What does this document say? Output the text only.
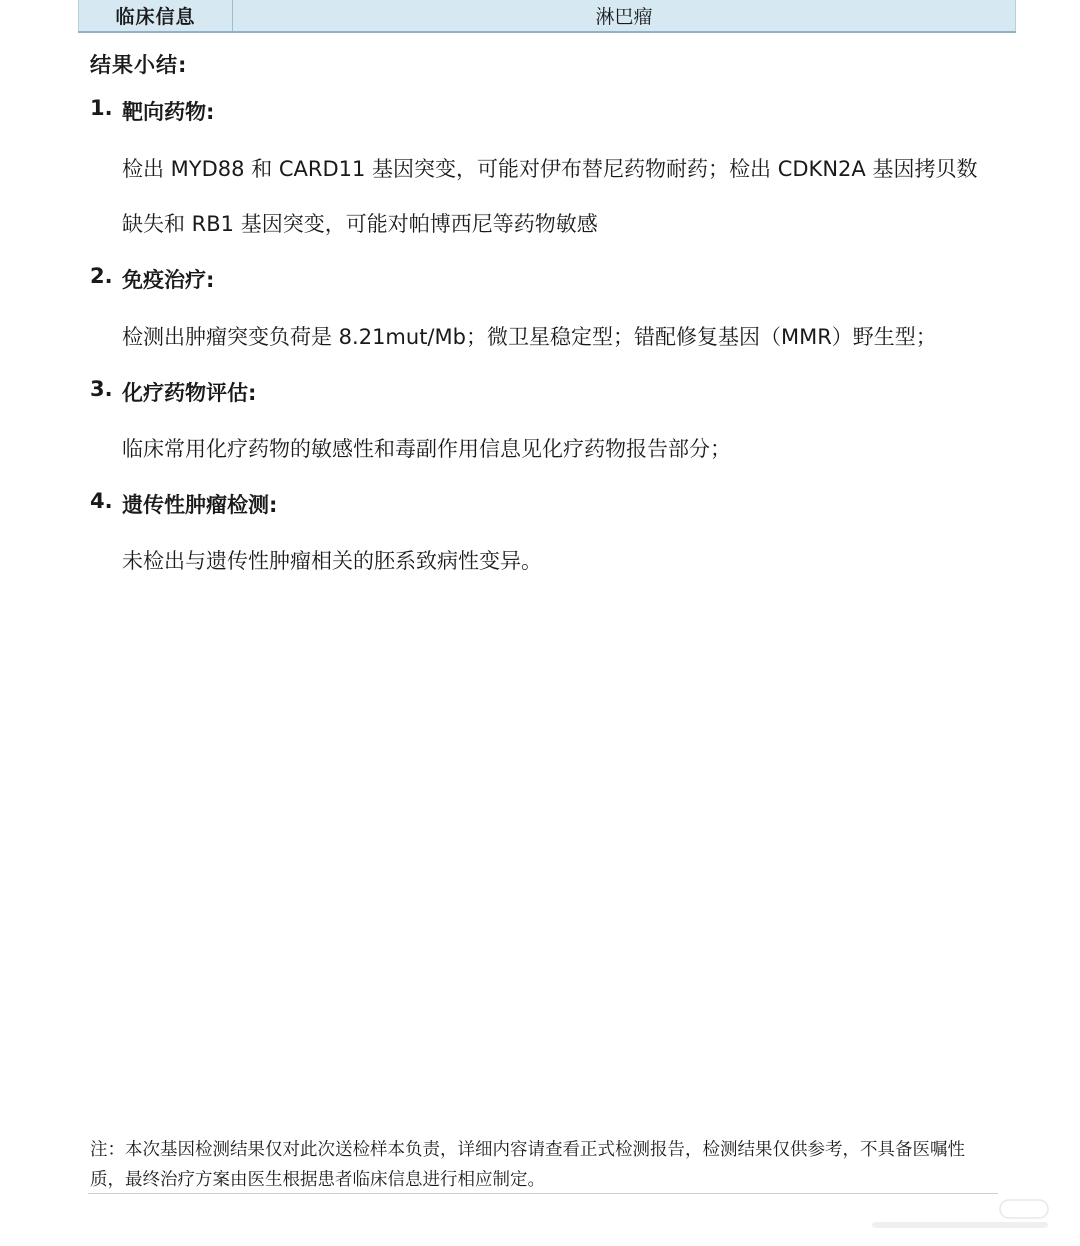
临床信息	淋巴瘤
结果小结:
1. 靶向药物:
检出 MYD88 和 CARD11 基因突变，可能对伊布替尼药物耐药；检出 CDKN2A 基因拷贝数
缺失和 RB1 基因突变，可能对帕博西尼等药物敏感
2. 免疫治疗:
检测出肿瘤突变负荷是 8.21mut/Mb；微卫星稳定型；错配修复基因（MMR）野生型；
3. 化疗药物评估:
临床常用化疗药物的敏感性和毒副作用信息见化疗药物报告部分；
4. 遗传性肿瘤检测:
未检出与遗传性肿瘤相关的胚系致病性变异。
注：本次基因检测结果仅对此次送检样本负责，详细内容请查看正式检测报告，检测结果仅供参考，不具备医嘱性
质，最终治疗方案由医生根据患者临床信息进行相应制定。
